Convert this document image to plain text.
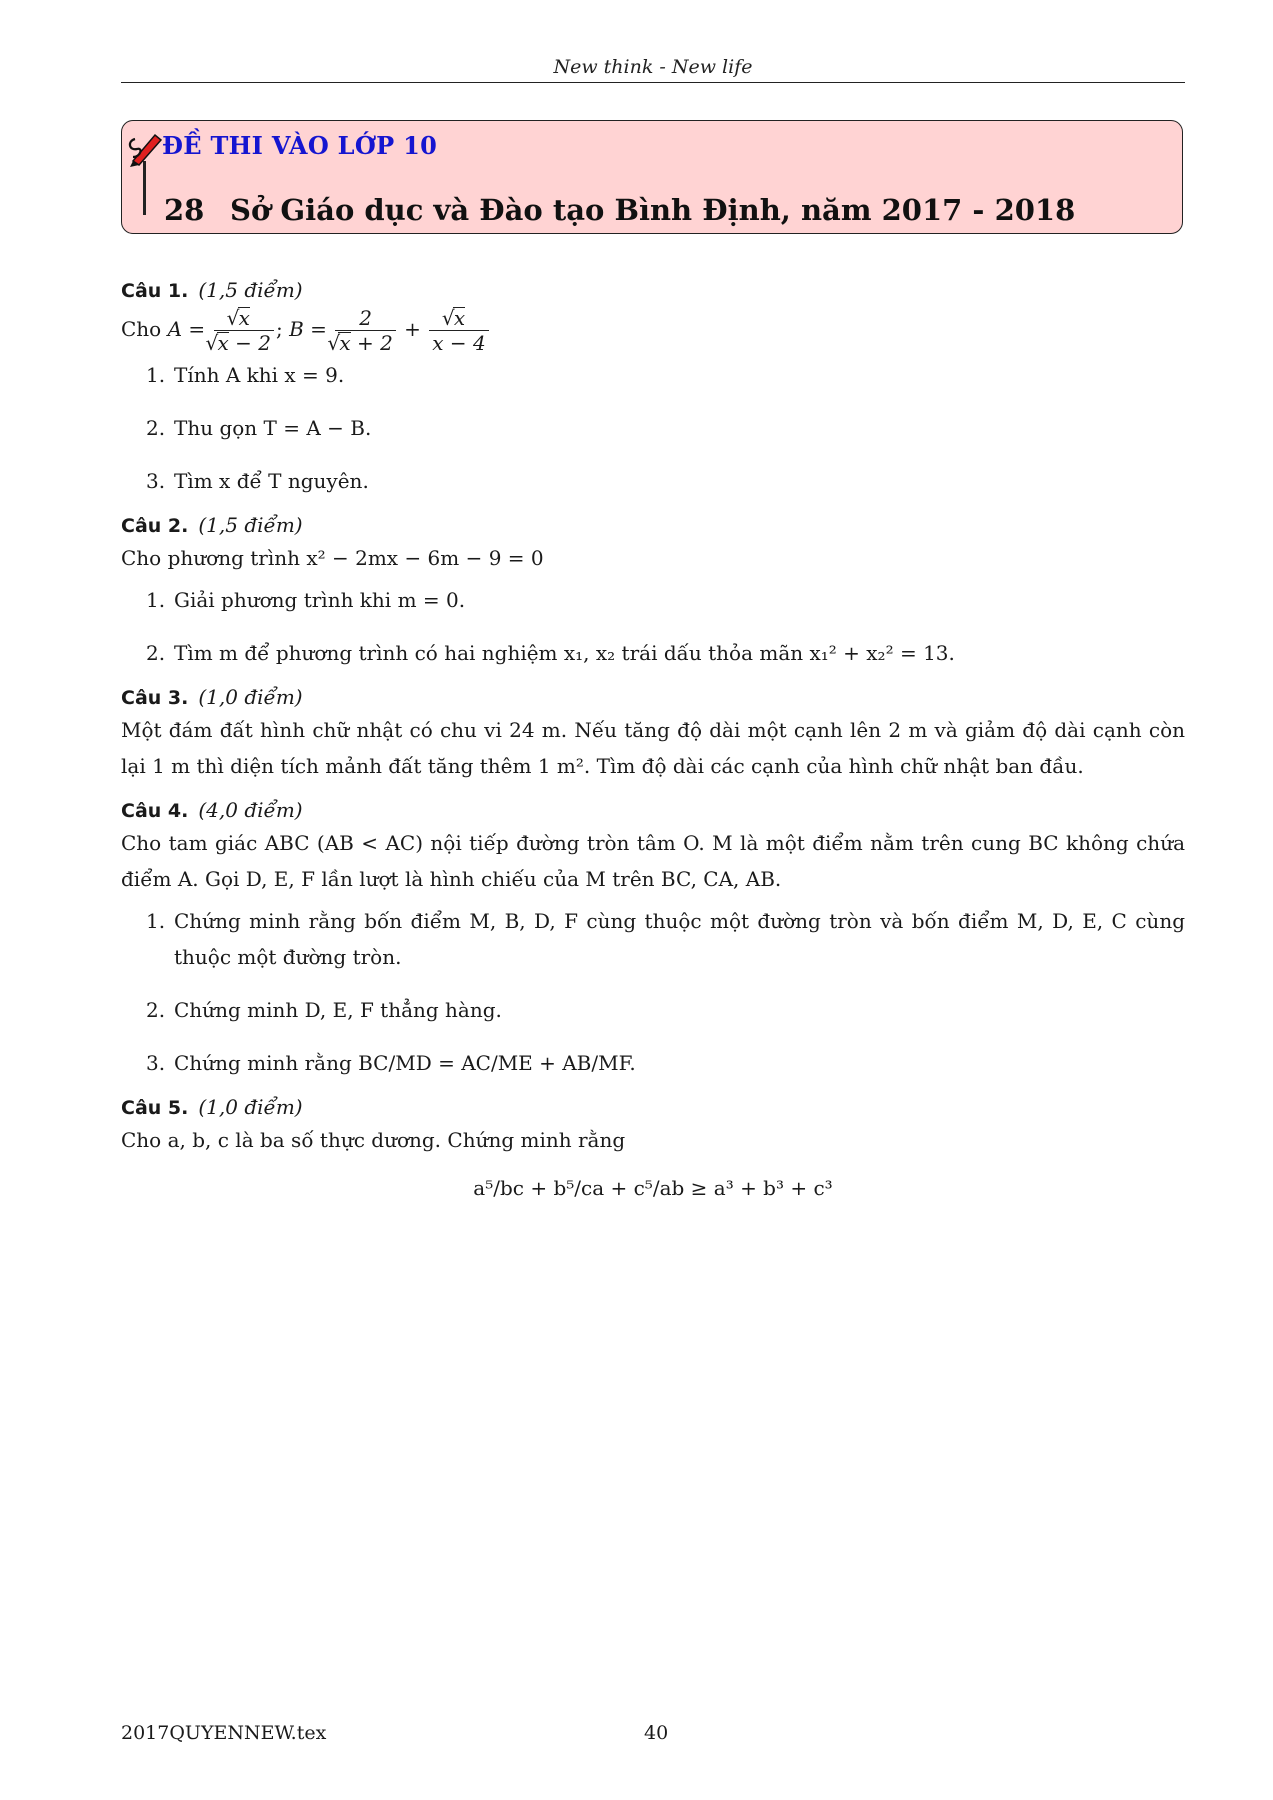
New think - New life
ĐỀ THI VÀO LỚP 10
28 Sở Giáo dục và Đào tạo Bình Định, năm 2017 - 2018
Câu 1. (1,5 điểm)
Cho A = √ x
√ x − 2 ; B = 2
√ x + 2 + √ $\frac{x}{x - 4}$
1. Tính A khi x = 9.
2. Thu gọn T = A − B.
3. Tìm x để T nguyên.
Câu 2. (1,5 điểm)
Cho phương trình x² − 2mx − 6m − 9 = 0
1. Giải phương trình khi m = 0.
2. Tìm m để phương trình có hai nghiệm x₁, x₂ trái dấu thỏa mãn x₁² + x₂² = 13.
Câu 3. (1,0 điểm)
Một đám đất hình chữ nhật có chu vi 24 m. Nếu tăng độ dài một cạnh lên 2 m và giảm độ dài cạnh còn lại 1 m thì diện tích mảnh đất tăng thêm 1 m². Tìm độ dài các cạnh của hình chữ nhật ban đầu.
Câu 4. (4,0 điểm)
Cho tam giác ABC (AB < AC) nội tiếp đường tròn tâm O. M là một điểm nằm trên cung BC không chứa điểm A. Gọi D, E, F lần lượt là hình chiếu của M trên BC, CA, AB.
1. Chứng minh rằng bốn điểm M, B, D, F cùng thuộc một đường tròn và bốn điểm M, D, E, C cùng thuộc một đường tròn.
2. Chứng minh D, E, F thẳng hàng.
3. Chứng minh rằng BC/MD = AC/ME + AB/MF.
Câu 5. (1,0 điểm)
Cho a, b, c là ba số thực dương. Chứng minh rằng
a⁵/bc + b⁵/ca + c⁵/ab ≥ a³ + b³ + c³
2017QUYENNEW.tex	40
